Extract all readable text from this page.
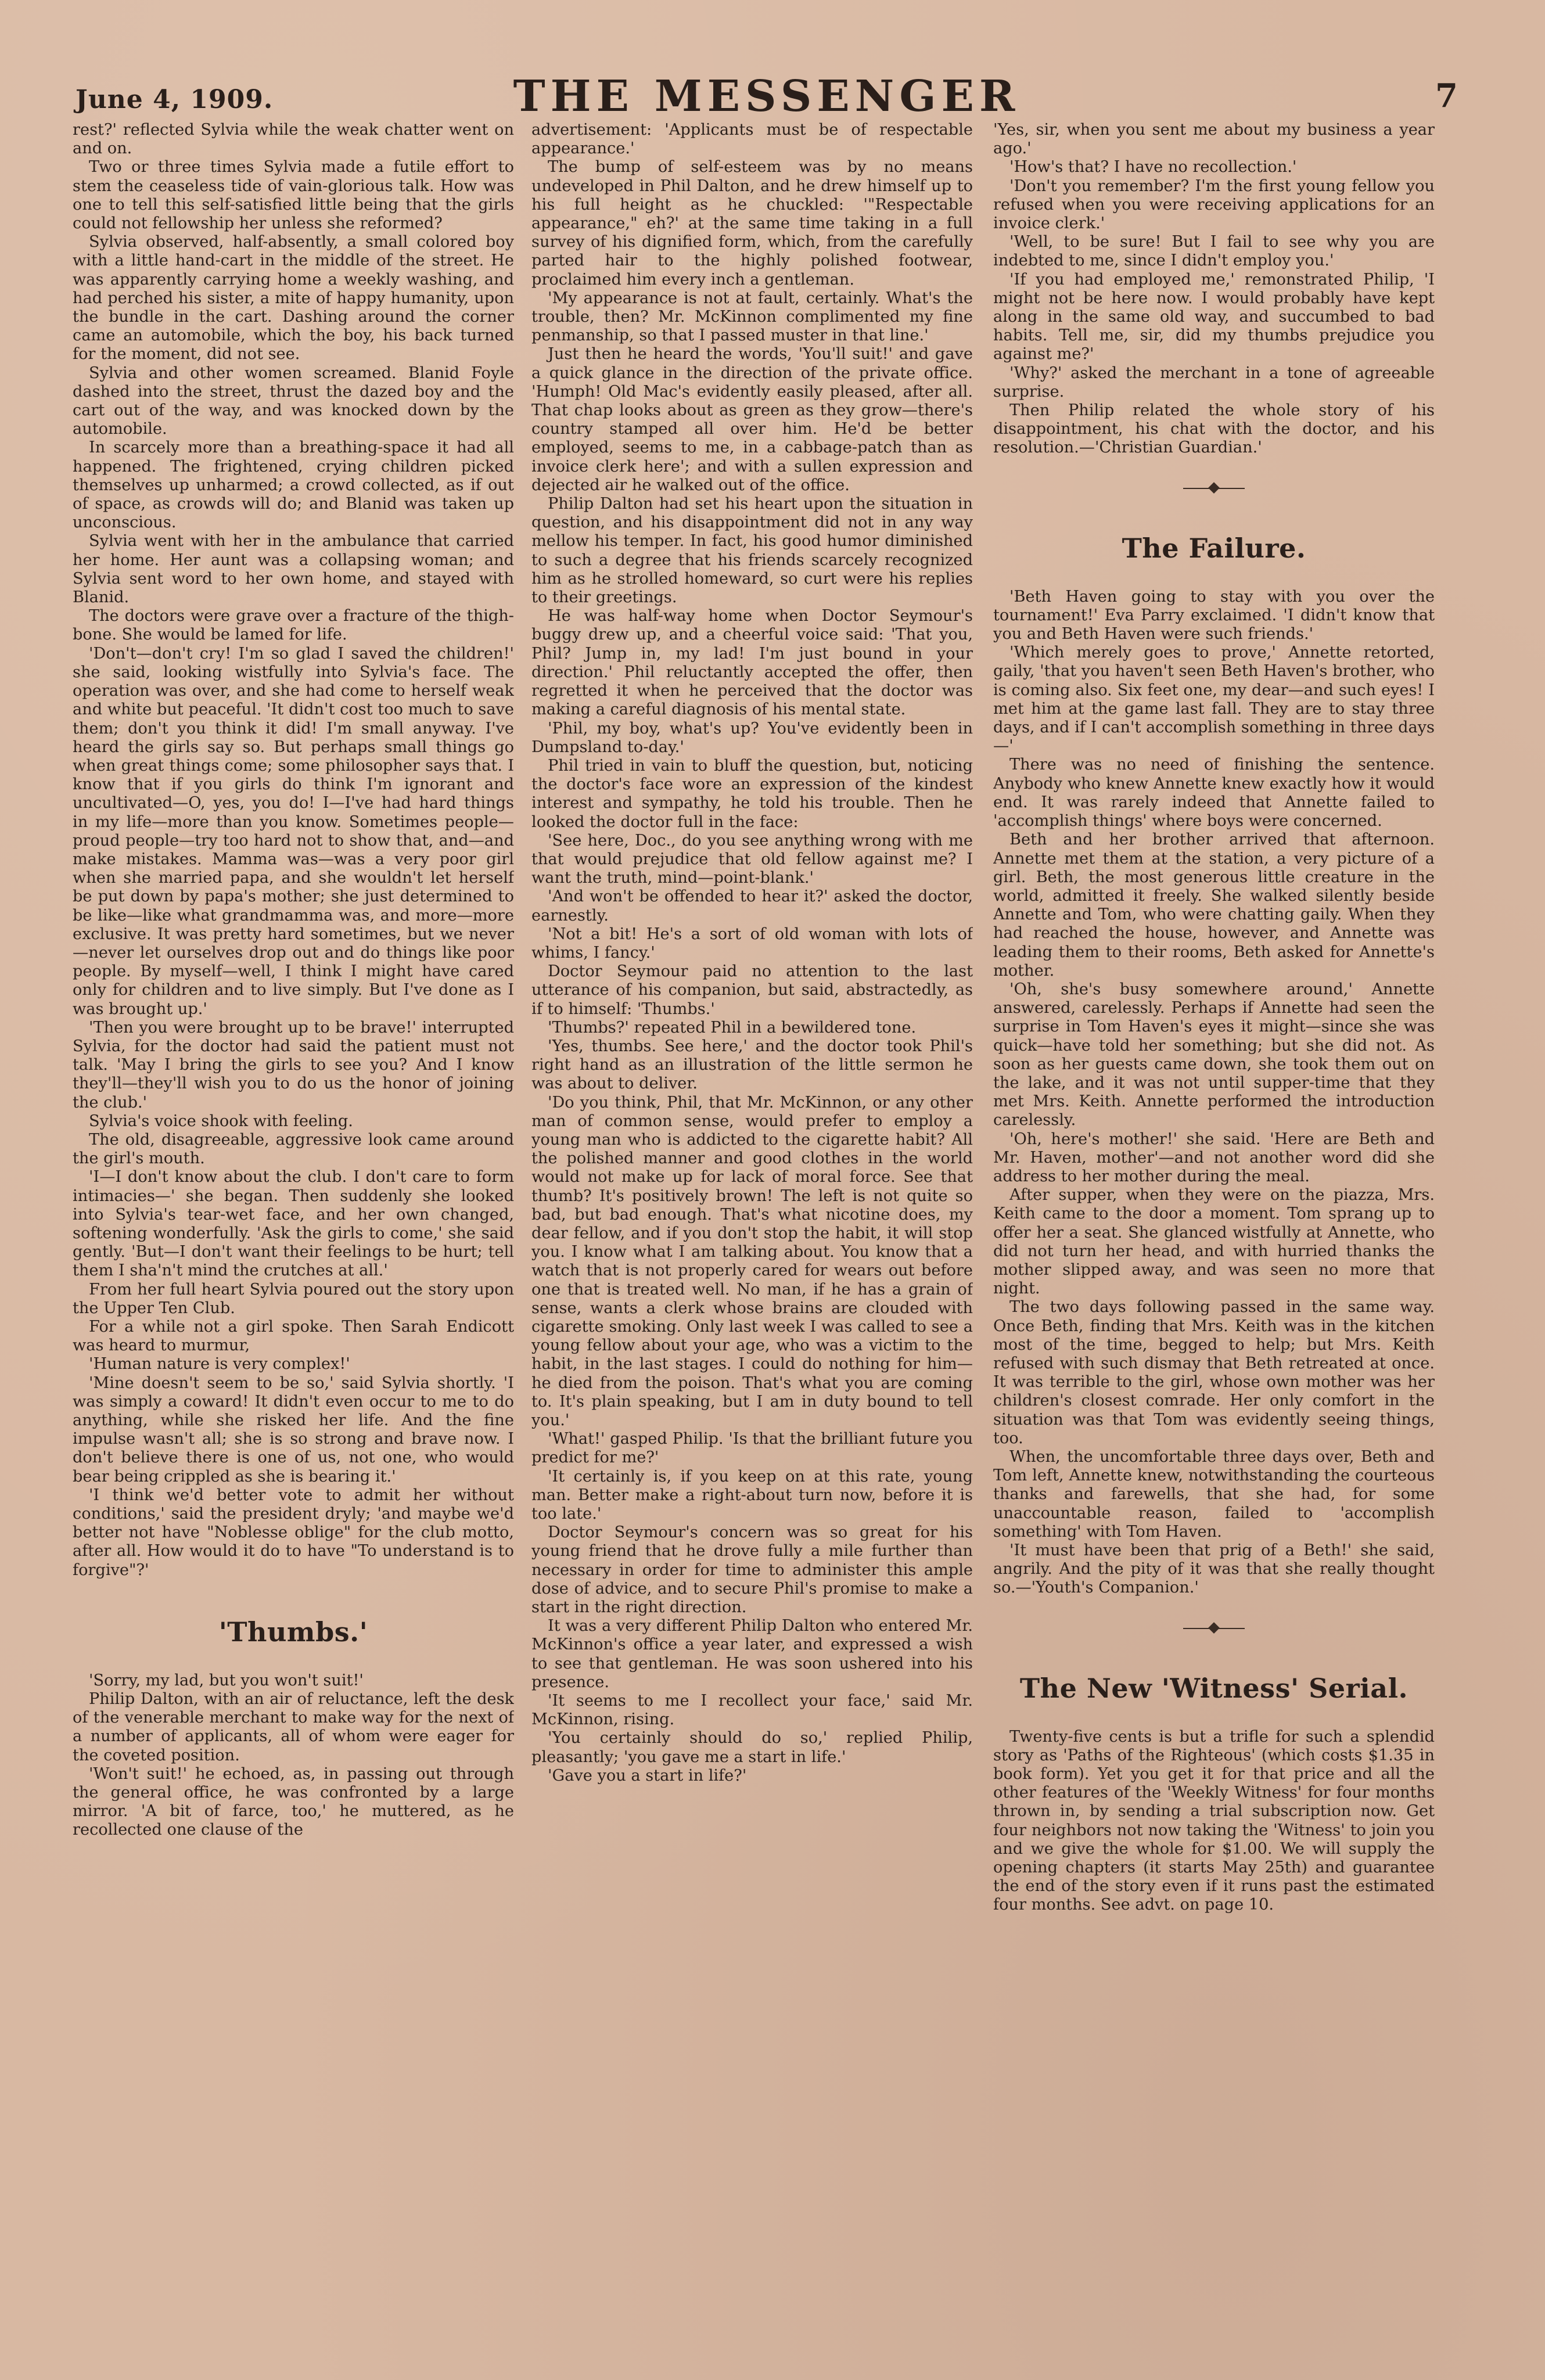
June 4, 1909.	THE MESSENGER	7

rest?' reflected Sylvia while the weak chatter went on and on.

Two or three times Sylvia made a futile effort to stem the ceaseless tide of vain-glorious talk. How was one to tell this self-satisfied little being that the girls could not fellowship her unless she reformed?

Sylvia observed, half-absently, a small colored boy with a little hand-cart in the middle of the street. He was apparently carrying home a weekly washing, and had perched his sister, a mite of happy humanity, upon the bundle in the cart. Dashing around the corner came an automobile, which the boy, his back turned for the moment, did not see.

Sylvia and other women screamed. Blanid Foyle dashed into the street, thrust the dazed boy and the cart out of the way, and was knocked down by the automobile.

In scarcely more than a breathing-space it had all happened. The frightened, crying children picked themselves up unharmed; a crowd collected, as if out of space, as crowds will do; and Blanid was taken up unconscious.

Sylvia went with her in the ambulance that carried her home. Her aunt was a collapsing woman; and Sylvia sent word to her own home, and stayed with Blanid.

The doctors were grave over a fracture of the thigh-bone. She would be lamed for life.

'Don't—don't cry! I'm so glad I saved the children!' she said, looking wistfully into Sylvia's face. The operation was over, and she had come to herself weak and white but peaceful. 'It didn't cost too much to save them; don't you think it did! I'm small anyway. I've heard the girls say so. But perhaps small things go when great things come; some philosopher says that. I know that if you girls do think I'm ignorant and uncultivated—O, yes, you do! I—I've had hard things in my life—more than you know. Sometimes people—proud people—try too hard not to show that, and—and make mistakes. Mamma was—was a very poor girl when she married papa, and she wouldn't let herself be put down by papa's mother; she just determined to be like—like what grandmamma was, and more—more exclusive. It was pretty hard sometimes, but we never—never let ourselves drop out and do things like poor people. By myself—well, I think I might have cared only for children and to live simply. But I've done as I was brought up.'

'Then you were brought up to be brave!' interrupted Sylvia, for the doctor had said the patient must not talk. 'May I bring the girls to see you? And I know they'll—they'll wish you to do us the honor of joining the club.'

Sylvia's voice shook with feeling.

The old, disagreeable, aggressive look came around the girl's mouth.

'I—I don't know about the club. I don't care to form intimacies—' she began. Then suddenly she looked into Sylvia's tear-wet face, and her own changed, softening wonderfully. 'Ask the girls to come,' she said gently. 'But—I don't want their feelings to be hurt; tell them I sha'n't mind the crutches at all.'

From her full heart Sylvia poured out the story upon the Upper Ten Club.

For a while not a girl spoke. Then Sarah Endicott was heard to murmur,

'Human nature is very complex!'

'Mine doesn't seem to be so,' said Sylvia shortly. 'I was simply a coward! It didn't even occur to me to do anything, while she risked her life. And the fine impulse wasn't all; she is so strong and brave now. I don't believe there is one of us, not one, who would bear being crippled as she is bearing it.'

'I think we'd better vote to admit her without conditions,' said the president dryly; 'and maybe we'd better not have "Noblesse oblige" for the club motto, after all. How would it do to have "To understand is to forgive"?'

'Thumbs.'

'Sorry, my lad, but you won't suit!'

Philip Dalton, with an air of reluctance, left the desk of the venerable merchant to make way for the next of a number of applicants, all of whom were eager for the coveted position.

'Won't suit!' he echoed, as, in passing out through the general office, he was confronted by a large mirror. 'A bit of farce, too,' he muttered, as he recollected one clause of the

advertisement: 'Applicants must be of respectable appearance.'

The bump of self-esteem was by no means undeveloped in Phil Dalton, and he drew himself up to his full height as he chuckled: '"Respectable appearance," eh?' at the same time taking in a full survey of his dignified form, which, from the carefully parted hair to the highly polished footwear, proclaimed him every inch a gentleman.

'My appearance is not at fault, certainly. What's the trouble, then? Mr. McKinnon complimented my fine penmanship, so that I passed muster in that line.'

Just then he heard the words, 'You'll suit!' and gave a quick glance in the direction of the private office. 'Humph! Old Mac's evidently easily pleased, after all. That chap looks about as green as they grow—there's country stamped all over him. He'd be better employed, seems to me, in a cabbage-patch than as invoice clerk here'; and with a sullen expression and dejected air he walked out of the office.

Philip Dalton had set his heart upon the situation in question, and his disappointment did not in any way mellow his temper. In fact, his good humor diminished to such a degree that his friends scarcely recognized him as he strolled homeward, so curt were his replies to their greetings.

He was half-way home when Doctor Seymour's buggy drew up, and a cheerful voice said: 'That you, Phil? Jump in, my lad! I'm just bound in your direction.' Phil reluctantly accepted the offer, then regretted it when he perceived that the doctor was making a careful diagnosis of his mental state.

'Phil, my boy, what's up? You've evidently been in Dumpsland to-day.'

Phil tried in vain to bluff the question, but, noticing the doctor's face wore an expression of the kindest interest and sympathy, he told his trouble. Then he looked the doctor full in the face:

'See here, Doc., do you see anything wrong with me that would prejudice that old fellow against me? I want the truth, mind—point-blank.'

'And won't be offended to hear it?' asked the doctor, earnestly.

'Not a bit! He's a sort of old woman with lots of whims, I fancy.'

Doctor Seymour paid no attention to the last utterance of his companion, but said, abstractedly, as if to himself: 'Thumbs.'

'Thumbs?' repeated Phil in a bewildered tone.

'Yes, thumbs. See here,' and the doctor took Phil's right hand as an illustration of the little sermon he was about to deliver.

'Do you think, Phil, that Mr. McKinnon, or any other man of common sense, would prefer to employ a young man who is addicted to the cigarette habit? All the polished manner and good clothes in the world would not make up for lack of moral force. See that thumb? It's positively brown! The left is not quite so bad, but bad enough. That's what nicotine does, my dear fellow, and if you don't stop the habit, it will stop you. I know what I am talking about. You know that a watch that is not properly cared for wears out before one that is treated well. No man, if he has a grain of sense, wants a clerk whose brains are clouded with cigarette smoking. Only last week I was called to see a young fellow about your age, who was a victim to the habit, in the last stages. I could do nothing for him—he died from the poison. That's what you are coming to. It's plain speaking, but I am in duty bound to tell you.'

'What!' gasped Philip. 'Is that the brilliant future you predict for me?'

'It certainly is, if you keep on at this rate, young man. Better make a right-about turn now, before it is too late.'

Doctor Seymour's concern was so great for his young friend that he drove fully a mile further than necessary in order for time to administer this ample dose of advice, and to secure Phil's promise to make a start in the right direction.

It was a very different Philip Dalton who entered Mr. McKinnon's office a year later, and expressed a wish to see that gentleman. He was soon ushered into his presence.

'It seems to me I recollect your face,' said Mr. McKinnon, rising.

'You certainly should do so,' replied Philip, pleasantly; 'you gave me a start in life.'

'Gave you a start in life?'

'Yes, sir, when you sent me about my business a year ago.'

'How's that? I have no recollection.'

'Don't you remember? I'm the first young fellow you refused when you were receiving applications for an invoice clerk.'

'Well, to be sure! But I fail to see why you are indebted to me, since I didn't employ you.'

'If you had employed me,' remonstrated Philip, 'I might not be here now. I would probably have kept along in the same old way, and succumbed to bad habits. Tell me, sir, did my thumbs prejudice you against me?'

'Why?' asked the merchant in a tone of agreeable surprise.

Then Philip related the whole story of his disappointment, his chat with the doctor, and his resolution.—'Christian Guardian.'

The Failure.

'Beth Haven going to stay with you over the tournament!' Eva Parry exclaimed. 'I didn't know that you and Beth Haven were such friends.'

'Which merely goes to prove,' Annette retorted, gaily, 'that you haven't seen Beth Haven's brother, who is coming also. Six feet one, my dear—and such eyes! I met him at the game last fall. They are to stay three days, and if I can't accomplish something in three days—'

There was no need of finishing the sentence. Anybody who knew Annette knew exactly how it would end. It was rarely indeed that Annette failed to 'accomplish things' where boys were concerned.

Beth and her brother arrived that afternoon. Annette met them at the station, a very picture of a girl. Beth, the most generous little creature in the world, admitted it freely. She walked silently beside Annette and Tom, who were chatting gaily. When they had reached the house, however, and Annette was leading them to their rooms, Beth asked for Annette's mother.

'Oh, she's busy somewhere around,' Annette answered, carelessly. Perhaps if Annette had seen the surprise in Tom Haven's eyes it might—since she was quick—have told her something; but she did not. As soon as her guests came down, she took them out on the lake, and it was not until supper-time that they met Mrs. Keith. Annette performed the introduction carelessly.

'Oh, here's mother!' she said. 'Here are Beth and Mr. Haven, mother'—and not another word did she address to her mother during the meal.

After supper, when they were on the piazza, Mrs. Keith came to the door a moment. Tom sprang up to offer her a seat. She glanced wistfully at Annette, who did not turn her head, and with hurried thanks the mother slipped away, and was seen no more that night.

The two days following passed in the same way. Once Beth, finding that Mrs. Keith was in the kitchen most of the time, begged to help; but Mrs. Keith refused with such dismay that Beth retreated at once. It was terrible to the girl, whose own mother was her children's closest comrade. Her only comfort in the situation was that Tom was evidently seeing things, too.

When, the uncomfortable three days over, Beth and Tom left, Annette knew, notwithstanding the courteous thanks and farewells, that she had, for some unaccountable reason, failed to 'accomplish something' with Tom Haven.

'It must have been that prig of a Beth!' she said, angrily. And the pity of it was that she really thought so.—'Youth's Companion.'

The New 'Witness' Serial.

Twenty-five cents is but a trifle for such a splendid story as 'Paths of the Righteous' (which costs $1.35 in book form). Yet you get it for that price and all the other features of the 'Weekly Witness' for four months thrown in, by sending a trial subscription now. Get four neighbors not now taking the 'Witness' to join you and we give the whole for $1.00. We will supply the opening chapters (it starts May 25th) and guarantee the end of the story even if it runs past the estimated four months. See advt. on page 10.
